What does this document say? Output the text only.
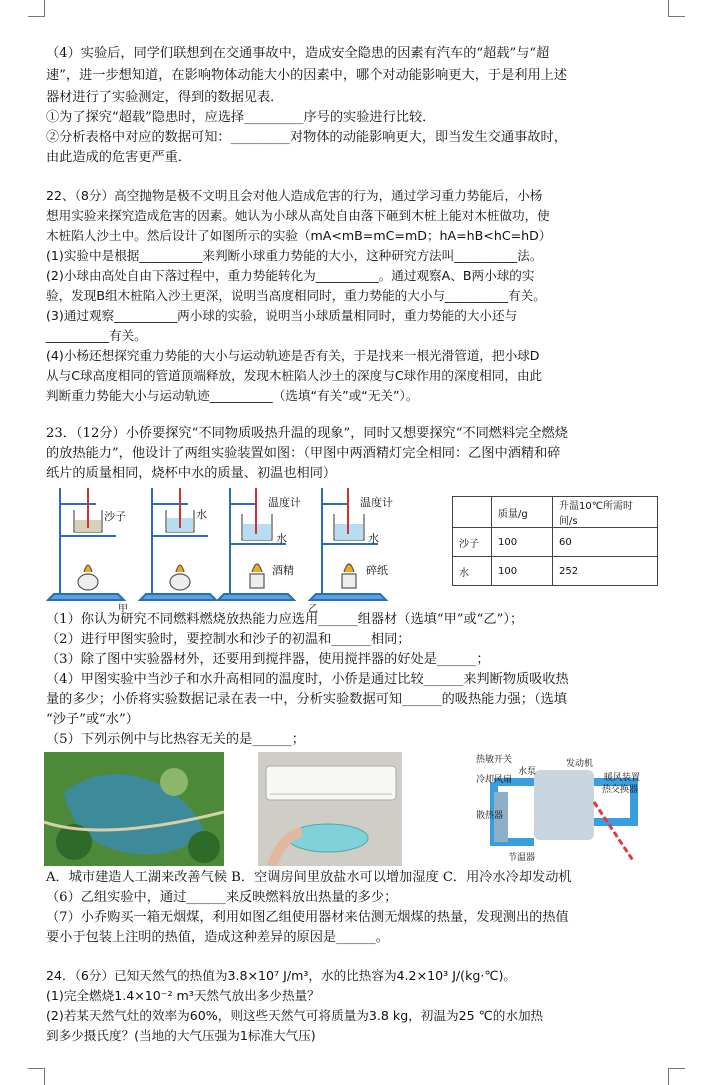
（4）实验后，同学们联想到在交通事故中，造成安全隐患的因素有汽车的“超载”与“超
速”，进一步想知道，在影响物体动能大小的因素中，哪个对动能影响更大，于是利用上述
器材进行了实验测定，得到的数据见表．
①为了探究“超载”隐患时，应选择_________序号的实验进行比较．
②分析表格中对应的数据可知：_________对物体的动能影响更大，即当发生交通事故时，
由此造成的危害更严重．
22、（8分）高空抛物是极不文明且会对他人造成危害的行为，通过学习重力势能后，小杨
想用实验来探究造成危害的因素。她认为小球从高处自由落下砸到木桩上能对木桩做功，使
木桩陷人沙土中。然后设计了如图所示的实验（mA<mB=mC=mD；hA=hB<hC=hD）
(1)实验中是根据__________来判断小球重力势能的大小，这种研究方法叫__________法。
(2)小球由高处自由下落过程中，重力势能转化为__________。通过观察A、B两小球的实
验，发现B组木桩陷入沙土更深，说明当高度相同时，重力势能的大小与__________有关。
(3)通过观察__________两小球的实验，说明当小球质量相同时，重力势能的大小还与
__________有关。
(4)小杨还想探究重力势能的大小与运动轨迹是否有关，于是找来一根光滑管道，把小球D
从与C球高度相同的管道顶端释放，发现木桩陷人沙土的深度与C球作用的深度相同，由此
判断重力势能大小与运动轨迹__________（选填“有关”或“无关”）。
23．（12分）小侨要探究“不同物质吸热升温的现象”，同时又想要探究“不同燃料完全燃烧
的放热能力”，他设计了两组实验装置如图：（甲图中两酒精灯完全相同：乙图中酒精和碎
纸片的质量相同，烧杯中水的质量、初温也相同）
沙子	水
温度计
水
酒精
温度计
水
碎纸
甲	乙
	质量/g	升温10℃所需时间/s
沙子	100	60
水	100	252
（1）你认为研究不同燃料燃烧放热能力应选用______组器材（选填“甲”或“乙”）；
（2）进行甲图实验时，要控制水和沙子的初温和______相同；
（3）除了图中实验器材外，还要用到搅拌器，使用搅拌器的好处是______；
（4）甲图实验中当沙子和水升高相同的温度时，小侨是通过比较______来判断物质吸收热
量的多少；小侨将实验数据记录在表一中，分析实验数据可知______的吸热能力强；（选填
“沙子”或“水”）
（5）下列示例中与比热容无关的是______；
热敏开关
水泵
发动机
暖风装置
热交换器
冷却风扇
散热器
节温器
A．城市建造人工湖来改善气候 B．空调房间里放盐水可以增加湿度 C．用冷水冷却发动机
（6）乙组实验中，通过______来反映燃料放出热量的多少；
（7）小乔购买一箱无烟煤，利用如图乙组使用器材来估测无烟煤的热量，发现测出的热值
要小于包装上注明的热值，造成这种差异的原因是______。
24．（6分）已知天然气的热值为3.8×10⁷ J/m³，水的比热容为4.2×10³ J/(kg·℃)。
(1)完全燃烧1.4×10⁻² m³天然气放出多少热量？
(2)若某天然气灶的效率为60%，则这些天然气可将质量为3.8 kg，初温为25 ℃的水加热
到多少摄氏度？(当地的大气压强为1标准大气压)
